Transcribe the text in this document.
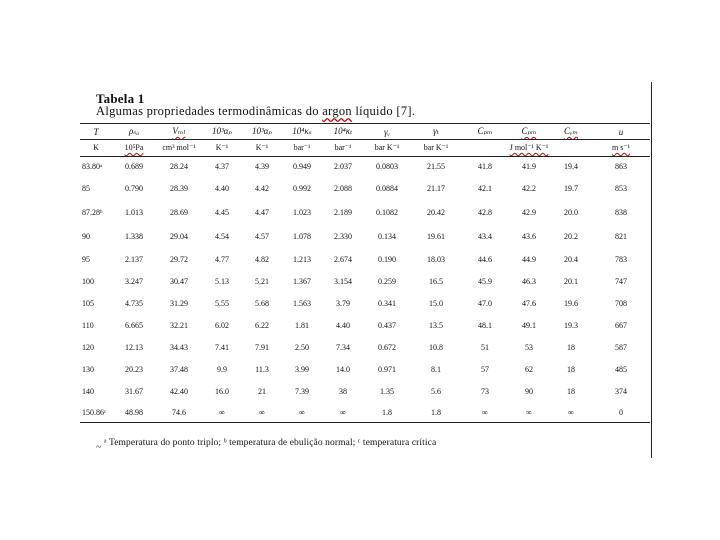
Tabela 1
Algumas propriedades termodinâmicas do argon líquido [7].
T	ρₛₐ	Vₘₗ	10³αₚ	10³αₚ	10⁴κₛ	10⁴κₜ	γᵥ	γₜ	Cₚₘ	Cₚₘ	Cᵥₘ	u
K	10⁵Pa	cm³ mol⁻¹	K⁻¹	K⁻¹	bar⁻¹	bar⁻¹	bar K⁻¹	bar K⁻¹		J mol⁻¹ K⁻¹		m s⁻¹
83.80ᵃ	0.689	28.24	4.37	4.39	0.949	2.037	0.0803	21.55	41.8	41.9	19.4	863
85	0.790	28.39	4.40	4.42	0.992	2.088	0.0884	21.17	42.1	42.2	19.7	853
87.28ᵇ	1.013	28.69	4.45	4.47	1.023	2.189	0.1082	20.42	42.8	42.9	20.0	838
90	1.338	29.04	4.54	4.57	1.078	2.330	0.134	19.61	43.4	43.6	20.2	821
95	2.137	29.72	4.77	4.82	1.213	2.674	0.190	18.03	44.6	44.9	20.4	783
100	3.247	30.47	5.13	5.21	1.367	3.154	0.259	16.5	45.9	46.3	20.1	747
105	4.735	31.29	5.55	5.68	1.563	3.79	0.341	15.0	47.0	47.6	19.6	708
110	6.665	32.21	6.02	6.22	1.81	4.40	0.437	13.5	48.1	49.1	19.3	667
120	12.13	34.43	7.41	7.91	2.50	7.34	0.672	10.8	51	53	18	587
130	20.23	37.48	9.9	11.3	3.99	14.0	0.971	8.1	57	62	18	485
140	31.67	42.40	16.0	21	7.39	38	1.35	5.6	73	90	18	374
150.86ᶜ	48.98	74.6	∞	∞	∞	∞	1.8	1.8	∞	∞	∞	0
~ ᵃ Temperatura do ponto triplo; ᵇ temperatura de ebulição normal; ᶜ temperatura crítica
